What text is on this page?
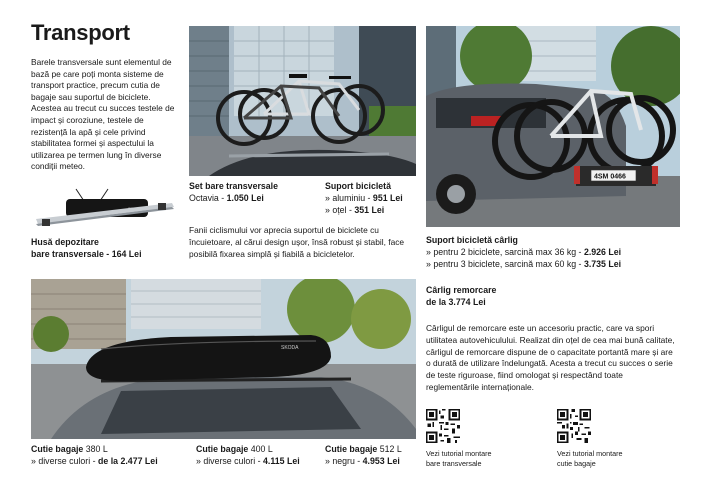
Transport
Barele transversale sunt elementul de bază pe care poți monta sisteme de transport practice, precum cutia de bagaje sau suportul de biciclete. Acestea au trecut cu succes testele de impact și coroziune, testele de rezistență la apă și cele privind stabilitatea formei și aspectului la utilizarea pe termen lung în diverse condiții meteo.
Husă depozitare
bare transversale - 164 Lei
Set bare transversale
Octavia - 1.050 Lei
Suport bicicletă
» aluminiu - 951 Lei
» oțel - 351 Lei
Fanii ciclismului vor aprecia suportul de biciclete cu încuietoare, al cărui design ușor, însă robust și stabil, face posibilă fixarea simplă și fiabilă a bicicletelor.
4SM 0466
Suport bicicletă cârlig
» pentru 2 biciclete, sarcină max 36 kg - 2.926 Lei
» pentru 3 biciclete, sarcină max 60 kg - 3.735 Lei
Cârlig remorcare
de la 3.774 Lei
Cârligul de remorcare este un accesoriu practic, care va spori utilitatea autovehiculului. Realizat din oțel de cea mai bună calitate, cârligul de remorcare dispune de o capacitate portantă mare și are o durată de utilizare îndelungată. Acesta a trecut cu succes o serie de teste riguroase, fiind omologat și respectând toate reglementările internaționale.
SKODA
Cutie bagaje 380 L
» diverse culori - de la 2.477 Lei
Cutie bagaje 400 L
» diverse culori - 4.115 Lei
Cutie bagaje 512 L
» negru - 4.953 Lei
Vezi tutorial montare
bare transversale
Vezi tutorial montare
cutie bagaje
